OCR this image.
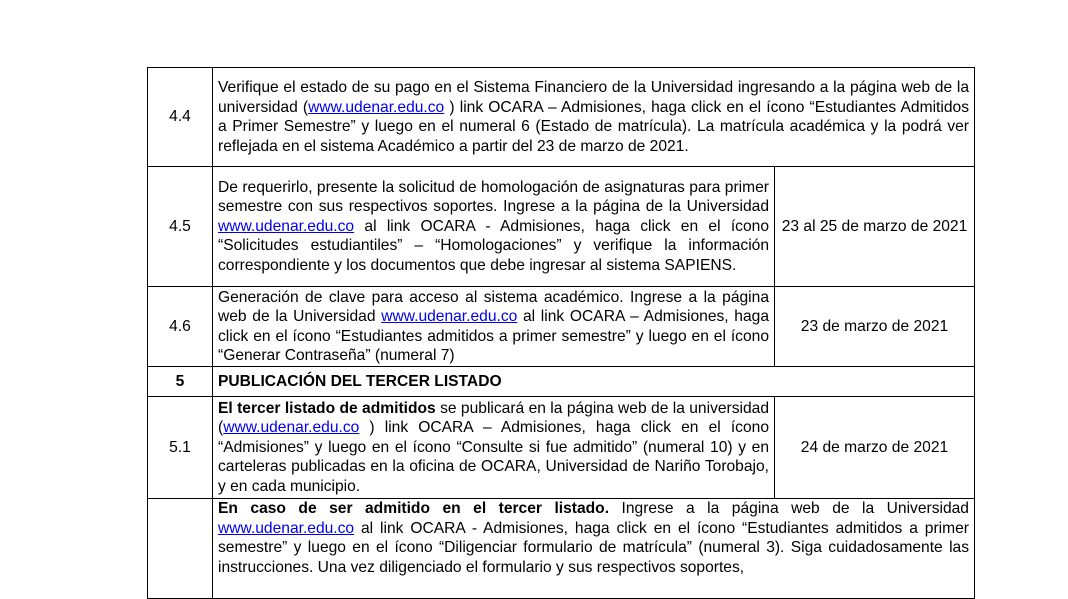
4.4	Verifique el estado de su pago en el Sistema Financiero de la Universidad ingresando a la página web de la universidad (www.udenar.edu.co ) link OCARA – Admisiones, haga click en el ícono “Estudiantes Admitidos a Primer Semestre” y luego en el numeral 6 (Estado de matrícula). La matrícula académica y la podrá ver reflejada en el sistema Académico a partir del 23 de marzo de 2021.	
4.5	De requerirlo, presente la solicitud de homologación de asignaturas para primer semestre con sus respectivos soportes. Ingrese a la página de la Universidad www.udenar.edu.co al link OCARA - Admisiones, haga click en el ícono “Solicitudes estudiantiles” – “Homologaciones” y verifique la información correspondiente y los documentos que debe ingresar al sistema SAPIENS.	23 al 25 de marzo de 2021
4.6	Generación de clave para acceso al sistema académico. Ingrese a la página web de la Universidad www.udenar.edu.co al link OCARA – Admisiones, haga click en el ícono “Estudiantes admitidos a primer semestre” y luego en el ícono “Generar Contraseña” (numeral 7)	23 de marzo de 2021
5	PUBLICACIÓN DEL TERCER LISTADO	
5.1	El tercer listado de admitidos se publicará en la página web de la universidad (www.udenar.edu.co ) link OCARA – Admisiones, haga click en el ícono “Admisiones” y luego en el ícono “Consulte si fue admitido” (numeral 10) y en carteleras publicadas en la oficina de OCARA, Universidad de Nariño Torobajo, y en cada municipio.	24 de marzo de 2021
	En caso de ser admitido en el tercer listado. Ingrese a la página web de la Universidad www.udenar.edu.co al link OCARA - Admisiones, haga click en el ícono “Estudiantes admitidos a primer semestre” y luego en el ícono “Diligenciar formulario de matrícula” (numeral 3). Siga cuidadosamente las instrucciones. Una vez diligenciado el formulario y sus respectivos soportes,	
